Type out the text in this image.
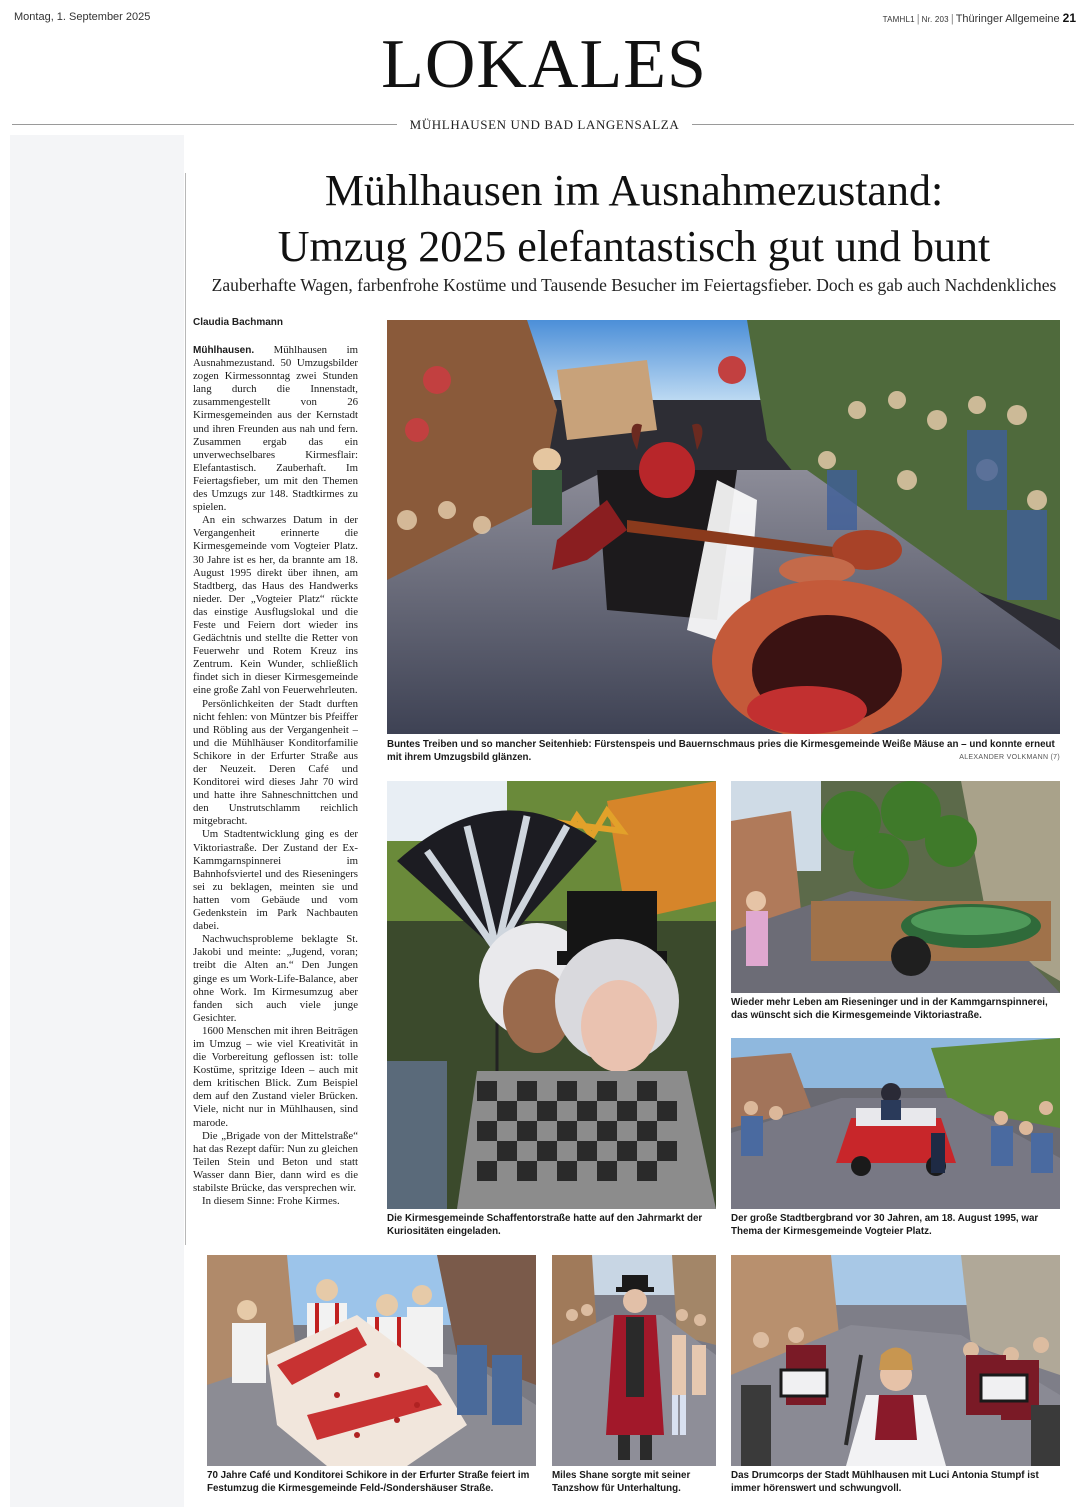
Montag, 1. September 2025	TAMHL1 | Nr. 203 | Thüringer Allgemeine 21
LOKALES
MÜHLHAUSEN UND BAD LANGENSALZA
Mühlhausen im Ausnahmezustand:
Umzug 2025 elefantastisch gut und bunt
Zauberhafte Wagen, farbenfrohe Kostüme und Tausende Besucher im Feiertagsfieber. Doch es gab auch Nachdenkliches
Claudia Bachmann

Mühlhausen. Mühlhausen im Ausnahmezustand. 50 Umzugsbilder zogen Kirmessonntag zwei Stunden lang durch die Innenstadt, zusammengestellt von 26 Kirmesgemeinden aus der Kernstadt und ihren Freunden aus nah und fern. Zusammen ergab das ein unverwechselbares Kirmesflair: Elefantastisch. Zauberhaft. Im Feiertagsfieber, um mit den Themen des Umzugs zur 148. Stadtkirmes zu spielen.

An ein schwarzes Datum in der Vergangenheit erinnerte die Kirmesgemeinde vom Vogteier Platz. 30 Jahre ist es her, da brannte am 18. August 1995 direkt über ihnen, am Stadtberg, das Haus des Handwerks nieder. Der „Vogteier Platz“ rückte das einstige Ausflugslokal und die Feste und Feiern dort wieder ins Gedächtnis und stellte die Retter von Feuerwehr und Rotem Kreuz ins Zentrum. Kein Wunder, schließlich findet sich in dieser Kirmesgemeinde eine große Zahl von Feuerwehrleuten.

Persönlichkeiten der Stadt durften nicht fehlen: von Müntzer bis Pfeiffer und Röbling aus der Vergangenheit – und die Mühlhäuser Konditorfamilie Schikore in der Erfurter Straße aus der Neuzeit. Deren Café und Konditorei wird dieses Jahr 70 wird und hatte ihre Sahneschnittchen und den Unstrutschlamm reichlich mitgebracht.

Um Stadtentwicklung ging es der Viktoriastraße. Der Zustand der Ex-Kammgarnspinnerei im Bahnhofsviertel und des Rieseningers sei zu beklagen, meinten sie und hatten vom Gebäude und vom Gedenkstein im Park Nachbauten dabei.

Nachwuchsprobleme beklagte St. Jakobi und meinte: „Jugend, voran; treibt die Alten an.“ Den Jungen ginge es um Work-Life-Balance, aber ohne Work. Im Kirmesumzug aber fanden sich auch viele junge Gesichter.

1600 Menschen mit ihren Beiträgen im Umzug – wie viel Kreativität in die Vorbereitung geflossen ist: tolle Kostüme, spritzige Ideen – auch mit dem kritischen Blick. Zum Beispiel dem auf den Zustand vieler Brücken. Viele, nicht nur in Mühlhausen, sind marode.

Die „Brigade von der Mittelstraße“ hat das Rezept dafür: Nun zu gleichen Teilen Stein und Beton und statt Wasser dann Bier, dann wird es die stabilste Brücke, das versprechen wir.

In diesem Sinne: Frohe Kirmes.

Buntes Treiben und so mancher Seitenhieb: Fürstenspeis und Bauernschmaus pries die Kirmesgemeinde Weiße Mäuse an – und konnte erneut mit ihrem Umzugsbild glänzen.	ALEXANDER VOLKMANN (7)
Die Kirmesgemeinde Schaffentorstraße hatte auf den Jahrmarkt der Kuriositäten eingeladen.
Wieder mehr Leben am Rieseninger und in der Kammgarnspinnerei, das wünscht sich die Kirmesgemeinde Viktoriastraße.
Der große Stadtbergbrand vor 30 Jahren, am 18. August 1995, war Thema der Kirmesgemeinde Vogteier Platz.
70 Jahre Café und Konditorei Schikore in der Erfurter Straße feiert im Festumzug die Kirmesgemeinde Feld-/Sondershäuser Straße.
Miles Shane sorgte mit seiner Tanzshow für Unterhaltung.
Das Drumcorps der Stadt Mühlhausen mit Luci Antonia Stumpf ist immer hörenswert und schwungvoll.
